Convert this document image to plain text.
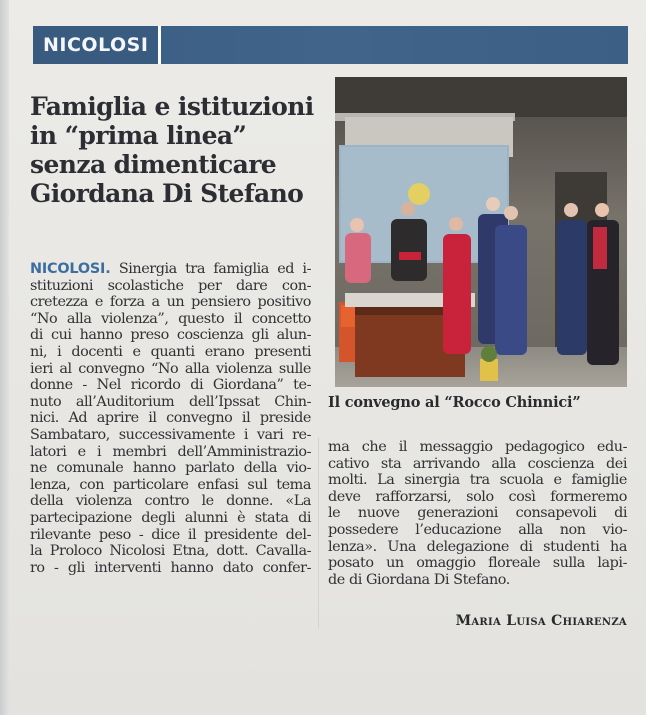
NICOLOSI
Famiglia e istituzioni
in “prima linea”
senza dimenticare
Giordana Di Stefano
Il convegno al “Rocco Chinnici”
NICOLOSI. Sinergia tra famiglia ed i-
stituzioni scolastiche per dare con-
cretezza e forza a un pensiero positivo
“No alla violenza”, questo il concetto
di cui hanno preso coscienza gli alun-
ni, i docenti e quanti erano presenti
ieri al convegno “No alla violenza sulle
donne - Nel ricordo di Giordana” te-
nuto all’Auditorium dell’Ipssat Chin-
nici. Ad aprire il convegno il preside
Sambataro, successivamente i vari re-
latori e i membri dell’Amministrazio-
ne comunale hanno parlato della vio-
lenza, con particolare enfasi sul tema
della violenza contro le donne. «La
partecipazione degli alunni è stata di
rilevante peso - dice il presidente del-
la Proloco Nicolosi Etna, dott. Cavalla-
ro - gli interventi hanno dato confer-
ma che il messaggio pedagogico edu-
cativo sta arrivando alla coscienza dei
molti. La sinergia tra scuola e famiglie
deve rafforzarsi, solo così formeremo
le nuove generazioni consapevoli di
possedere l’educazione alla non vio-
lenza». Una delegazione di studenti ha
posato un omaggio floreale sulla lapi-
de di Giordana Di Stefano.
Maria Luisa Chiarenza
